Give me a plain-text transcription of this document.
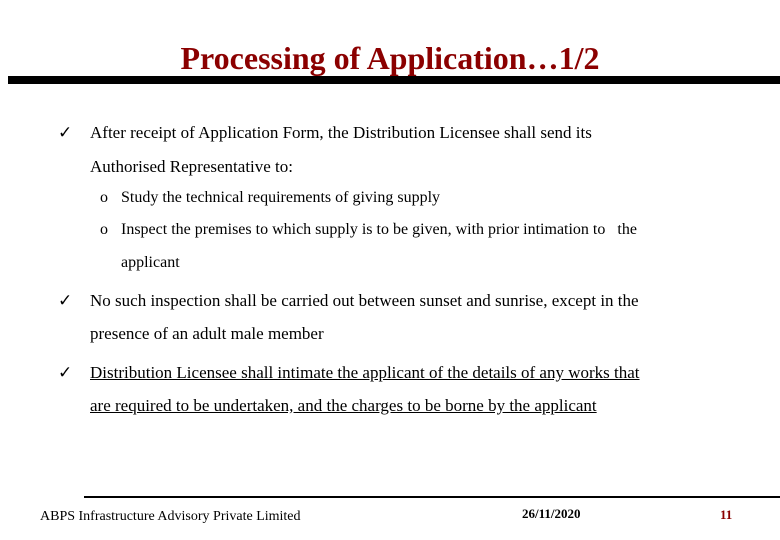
Processing of Application…1/2
✓ After receipt of Application Form, the Distribution Licensee shall send its
Authorised Representative to:
o Study the technical requirements of giving supply
o Inspect the premises to which supply is to be given, with prior intimation to   the
applicant
✓ No such inspection shall be carried out between sunset and sunrise, except in the
presence of an adult male member
✓ Distribution Licensee shall intimate the applicant of the details of any works that
are required to be undertaken, and the charges to be borne by the applicant
ABPS Infrastructure Advisory Private Limited	26/11/2020	11
